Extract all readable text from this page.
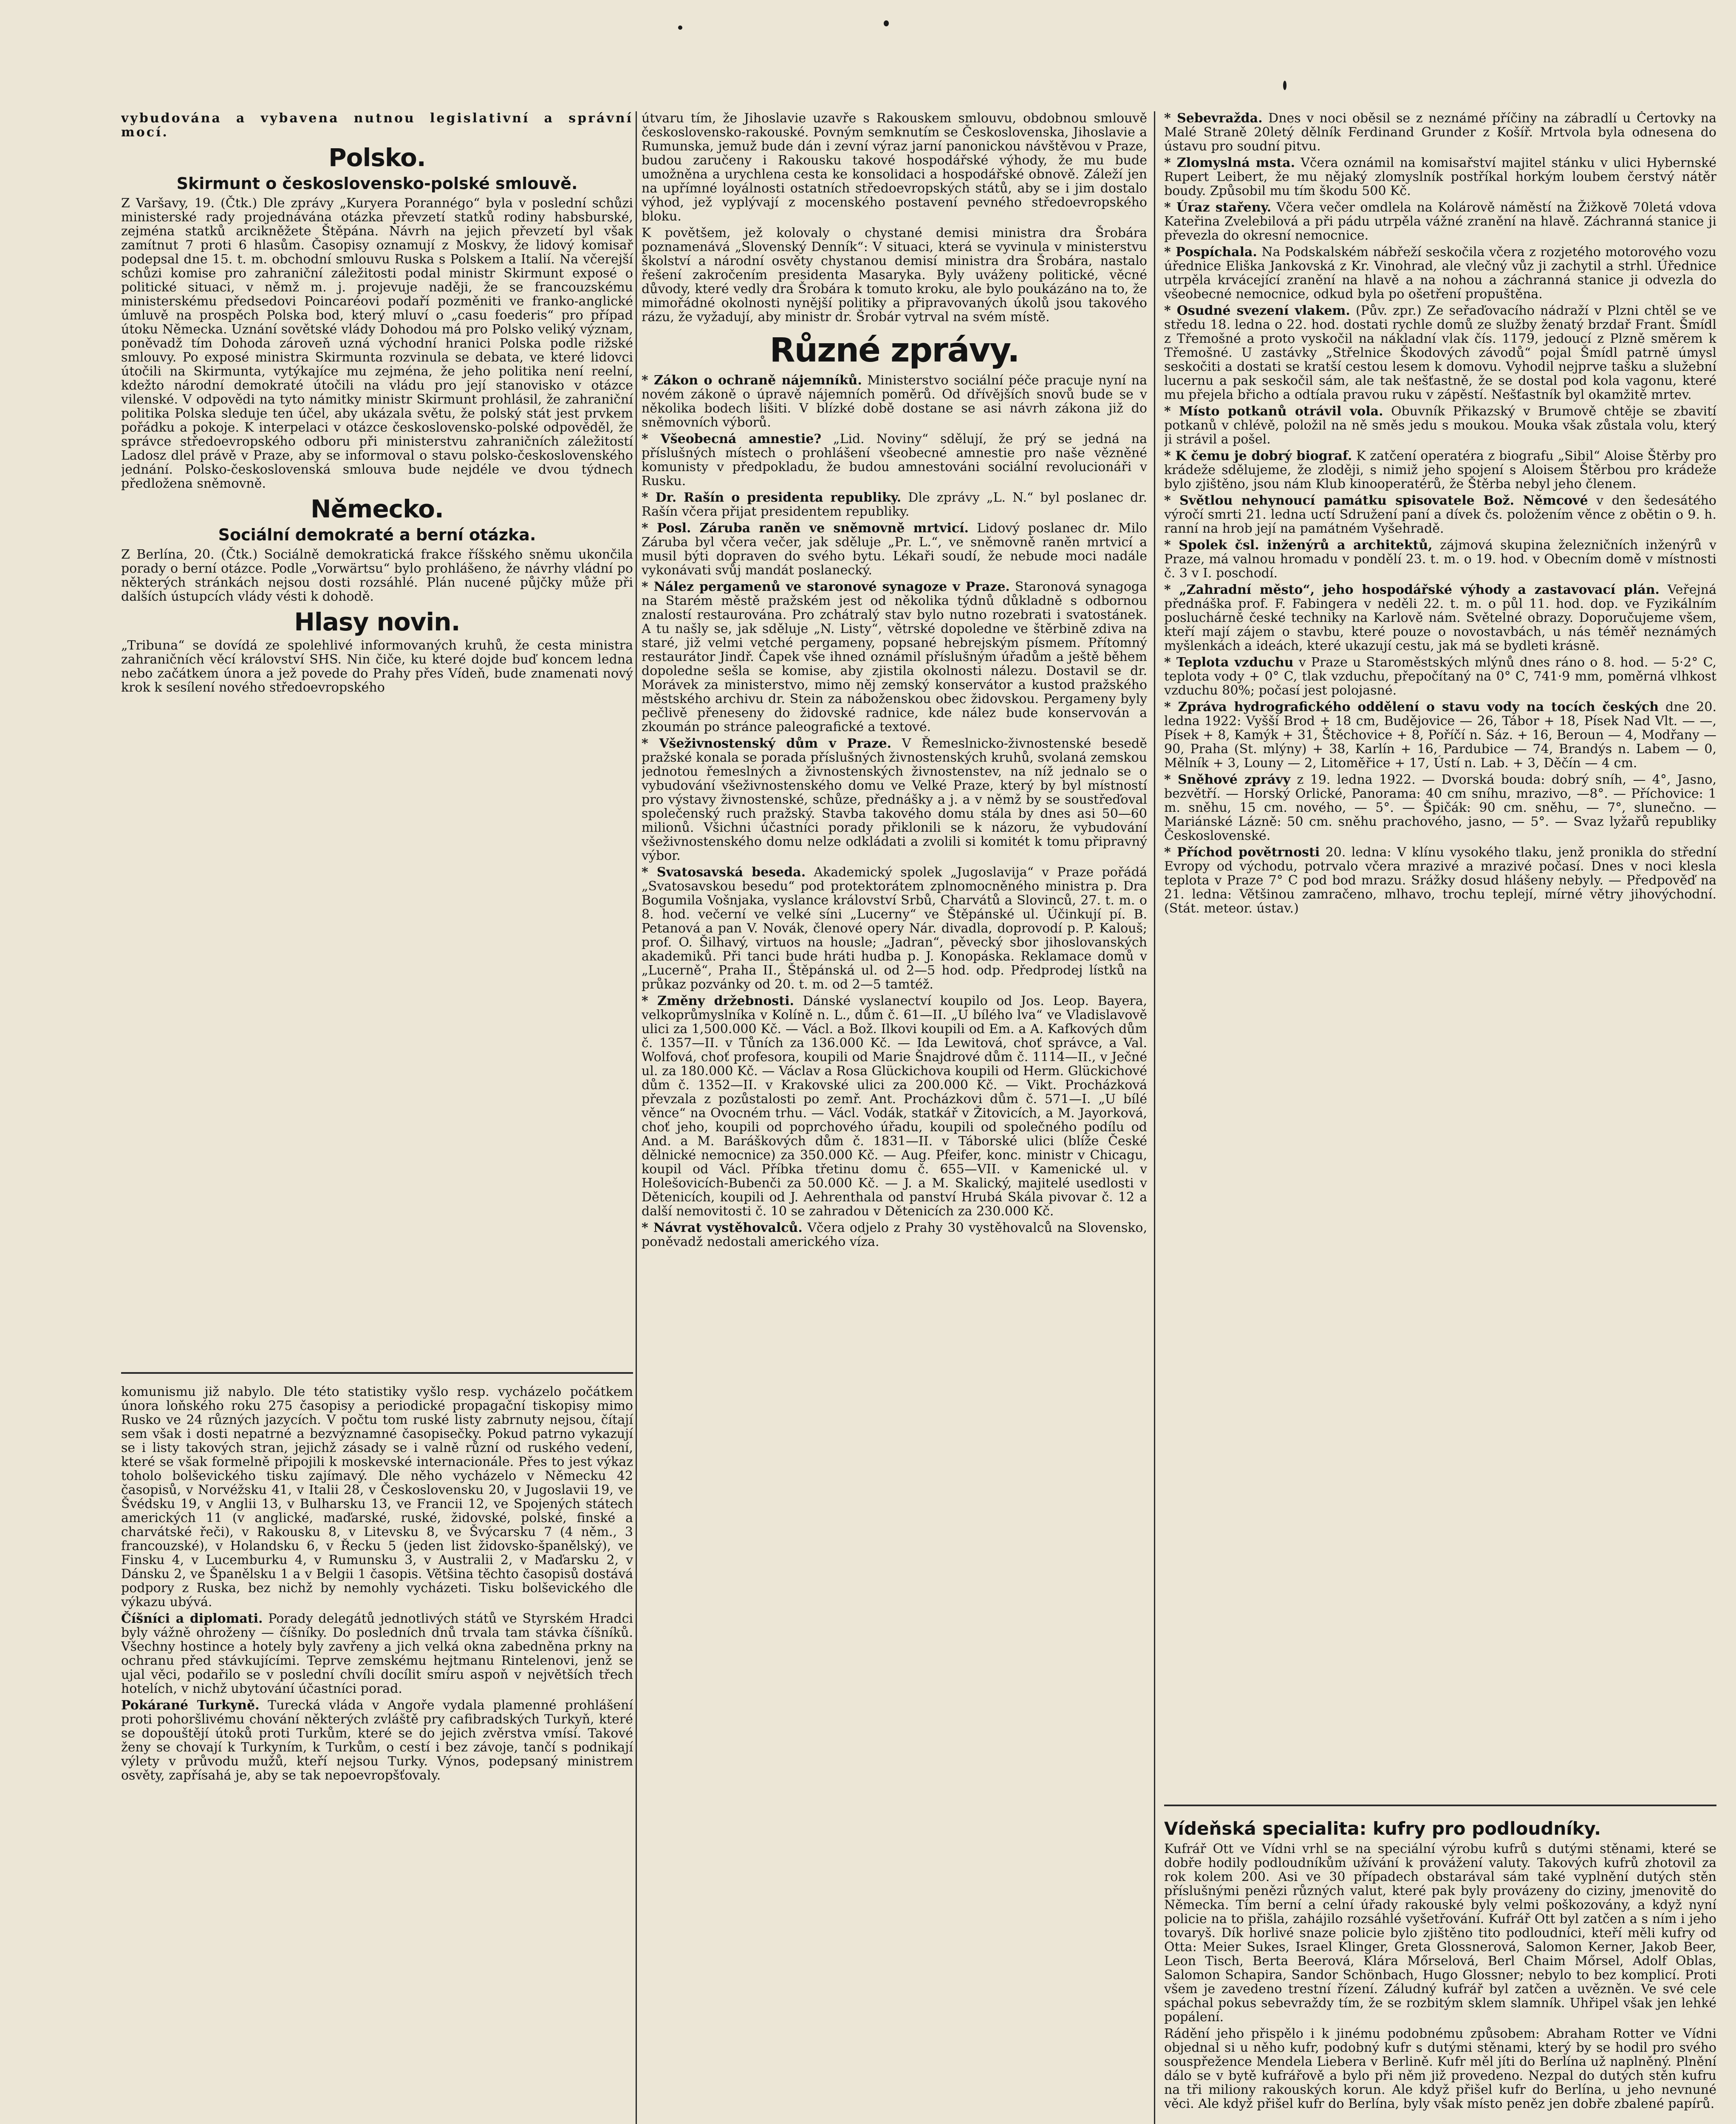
vybudována a vybavena nutnou legislativní a správní mocí.

Polsko.
Skirmunt o československo-polské smlouvě.

Z Varšavy, 19. (Čtk.) Dle zprávy „Kuryera Porannégo“ byla v poslední schůzi ministerské rady projednávána otázka převzetí statků rodiny habsburské, zejména statků arcikněžete Štěpána. Návrh na jejich převzetí byl však zamítnut 7 proti 6 hlasům. Časopisy oznamují z Moskvy, že lidový komisař podepsal dne 15. t. m. obchodní smlouvu Ruska s Polskem a Italií. Na včerejší schůzi komise pro zahraniční záležitosti podal ministr Skirmunt exposé o politické situaci, v němž m. j. projevuje naději, že se francouzskému ministerskému předsedovi Poincaréovi podaří pozměniti ve franko-anglické úmluvě na prospěch Polska bod, který mluví o „casu foederis“ pro případ útoku Německa. Uznání sovětské vlády Dohodou má pro Polsko veliký význam, poněvadž tím Dohoda zároveň uzná východní hranici Polska podle rižské smlouvy. Po exposé ministra Skirmunta rozvinula se debata, ve které lidovci útočili na Skirmunta, vytýkajíce mu zejména, že jeho politika není reelní, kdežto národní demokraté útočili na vládu pro její stanovisko v otázce vilenské. V odpovědi na tyto námitky ministr Skirmunt prohlásil, že zahraniční politika Polska sleduje ten účel, aby ukázala světu, že polský stát jest prvkem pořádku a pokoje. K interpelaci v otázce československo-polské odpověděl, že správce středoevropského odboru při ministerstvu zahraničních záležitostí Ladosz dlel právě v Praze, aby se informoval o stavu polsko-československého jednání. Polsko-československá smlouva bude nejdéle ve dvou týdnech předložena sněmovně.

Německo.
Sociální demokraté a berní otázka.

Z Berlína, 20. (Čtk.) Sociálně demokratická frakce říšského sněmu ukončila porady o berní otázce. Podle „Vorwärtsu“ bylo prohlášeno, že návrhy vládní po některých stránkách nejsou dosti rozsáhlé. Plán nucené půjčky může při dalších ústupcích vlády vésti k dohodě.

Hlasy novin.

„Tribuna“ se dovídá ze spolehlivé informovaných kruhů, že cesta ministra zahraničních věcí království SHS. Nin čiče, ku které dojde buď koncem ledna nebo začátkem února a jež povede do Prahy přes Vídeň, bude znamenati nový krok k sesílení nového středoevropského

komunismu již nabylo. Dle této statistiky vyšlo resp. vycházelo počátkem února loňského roku 275 časopisy a periodické propagační tiskopisy mimo Rusko ve 24 různých jazycích. V počtu tom ruské listy zabrnuty nejsou, čítají sem však i dosti nepatrné a bezvýznamné časopisečky. Pokud patrno vykazují se i listy takových stran, jejichž zásady se i valně různí od ruského vedení, které se však formelně připojili k moskevské internacionále. Přes to jest výkaz toholo bolševického tisku zajímavý. Dle něho vycházelo v Německu 42 časopisů, v Norvéžsku 41, v Italii 28, v Československu 20, v Jugoslavii 19, ve Švédsku 19, v Anglii 13, v Bulharsku 13, ve Francii 12, ve Spojených státech amerických 11 (v anglické, maďarské, ruské, židovské, polské, finské a charvátské řeči), v Rakousku 8, v Litevsku 8, ve Švýcarsku 7 (4 něm., 3 francouzské), v Holandsku 6, v Řecku 5 (jeden list židovsko-španělský), ve Finsku 4, v Lucemburku 4, v Rumunsku 3, v Australii 2, v Maďarsku 2, v Dánsku 2, ve Španělsku 1 a v Belgii 1 časopis. Většina těchto časopisů dostává podpory z Ruska, bez nichž by nemohly vycházeti. Tisku bolševického dle výkazu ubývá.

Číšníci a diplomati. Porady delegátů jednotlivých států ve Styrském Hradci byly vážně ohroženy — číšníky. Do posledních dnů trvala tam stávka číšníků. Všechny hostince a hotely byly zavřeny a jich velká okna zabedněna prkny na ochranu před stávkujícími. Teprve zemskému hejtmanu Rintelenovi, jenž se ujal věci, podařilo se v poslední chvíli docílit smíru aspoň v největších třech hotelích, v nichž ubytování účastníci porad.

Pokárané Turkyně. Turecká vláda v Angoře vydala plamenné prohlášení proti pohoršlivému chování některých zvláště pry cafibradských Turkyň, které se dopouštějí útoků proti Turkům, které se do jejich zvěrstva vmísí. Takové ženy se chovají k Turkyním, k Turkům, o cestí i bez závoje, tančí s podnikají výlety v průvodu mužů, kteří nejsou Turky. Výnos, podepsaný ministrem osvěty, zapřísahá je, aby se tak nepoevropšťovaly.

útvaru tím, že Jihoslavie uzavře s Rakouskem smlouvu, obdobnou smlouvě československo-rakouské. Povným semknutím se Československa, Jihoslavie a Rumunska, jemuž bude dán i zevní výraz jarní panonickou návštěvou v Praze, budou zaručeny i Rakousku takové hospodářské výhody, že mu bude umožněna a urychlena cesta ke konsolidaci a hospodářské obnově. Záleží jen na upřímné loyálnosti ostatních středoevropských států, aby se i jim dostalo výhod, jež vyplývají z mocenského postavení pevného středoevropského bloku.

K povětšem, jež kolovaly o chystané demisi ministra dra Šrobára poznamenává „Slovenský Denník“: V situaci, která se vyvinula v ministerstvu školství a národní osvěty chystanou demisí ministra dra Šrobára, nastalo řešení zakročením presidenta Masaryka. Byly uváženy politické, věcné důvody, které vedly dra Šrobára k tomuto kroku, ale bylo poukázáno na to, že mimořádné okolnosti nynější politiky a připravovaných úkolů jsou takového rázu, že vyžadují, aby ministr dr. Šrobár vytrval na svém místě.

Různé zprávy.

* Zákon o ochraně nájemníků. Ministerstvo sociální péče pracuje nyní na novém zákoně o úpravě nájemních poměrů. Od dřívějších snovů bude se v několika bodech lišiti. V blízké době dostane se asi návrh zákona již do sněmovních výborů.

* Všeobecná amnestie? „Lid. Noviny“ sdělují, že prý se jedná na příslušných místech o prohlášení všeobecné amnestie pro naše vězněné komunisty v předpokladu, že budou amnestováni sociální revolucionáři v Rusku.

* Dr. Rašín o presidenta republiky. Dle zprávy „L. N.“ byl poslanec dr. Rašín včera přijat presidentem republiky.

* Posl. Záruba raněn ve sněmovně mrtvicí. Lidový poslanec dr. Milo Záruba byl včera večer, jak sděluje „Pr. L.“, ve sněmovně raněn mrtvicí a musil býti dopraven do svého bytu. Lékaři soudí, že nebude moci nadále vykonávati svůj mandát poslanecký.

* Nález pergamenů ve staronové synagoze v Praze. Staronová synagoga na Starém městě pražském jest od několika týdnů důkladně s odbornou znalostí restaurována. Pro zchátralý stav bylo nutno rozebrati i svatostánek. A tu našly se, jak sděluje „N. Listy“, větrské dopoledne ve štěrbině zdiva na staré, již velmi vetché pergameny, popsané hebrejským písmem. Přítomný restaurátor Jindř. Čapek vše ihned oznámil příslušným úřadům a ještě během dopoledne sešla se komise, aby zjistila okolnosti nálezu. Dostavil se dr. Morávek za ministerstvo, mimo něj zemský konservátor a kustod pražského městského archivu dr. Stein za náboženskou obec židovskou. Pergameny byly pečlivě přeneseny do židovské radnice, kde nález bude konservován a zkoumán po stránce paleografické a textové.

* Všeživnostenský dům v Praze. V Řemeslnicko-živnostenské besedě pražské konala se porada příslušných živnostenských kruhů, svolaná zemskou jednotou řemeslných a živnostenských živnostenstev, na níž jednalo se o vybudování všeživnostenského domu ve Velké Praze, který by byl místností pro výstavy živnostenské, schůze, přednášky a j. a v němž by se soustřeďoval společenský ruch pražský. Stavba takového domu stála by dnes asi 50—60 milionů. Všichni účastníci porady přiklonili se k názoru, že vybudování všeživnostenského domu nelze odkládati a zvolili si komitét k tomu připravný výbor.

* Svatosavská beseda. Akademický spolek „Jugoslavija“ v Praze pořádá „Svatosavskou besedu“ pod protektorátem zplnomocněného ministra p. Dra Bogumila Vošnjaka, vyslance království Srbů, Charvátů a Slovinců, 27. t. m. o 8. hod. večerní ve velké síni „Lucerny“ ve Štěpánské ul. Účinkují pí. B. Petanová a pan V. Novák, členové opery Nár. divadla, doprovodí p. P. Kalouš; prof. O. Šilhavý, virtuos na housle; „Jadran“, pěvecký sbor jihoslovanských akademiků. Při tanci bude hráti hudba p. J. Konopáska. Reklamace domů v „Lucerně“, Praha II., Štěpánská ul. od 2—5 hod. odp. Předprodej lístků na průkaz pozvánky od 20. t. m. od 2—5 tamtéž.

* Změny držebnosti. Dánské vyslanectví koupilo od Jos. Leop. Bayera, velkoprůmyslníka v Kolíně n. L., dům č. 61—II. „U bílého lva“ ve Vladislavově ulici za 1,500.000 Kč. — Václ. a Bož. Ilkovi koupili od Em. a A. Kafkových dům č. 1357—II. v Tůních za 136.000 Kč. — Ida Lewitová, choť správce, a Val. Wolfová, choť profesora, koupili od Marie Šnajdrové dům č. 1114—II., v Ječné ul. za 180.000 Kč. — Václav a Rosa Glückichova koupili od Herm. Glückichové dům č. 1352—II. v Krakovské ulici za 200.000 Kč. — Vikt. Procházková převzala z pozůstalosti po zemř. Ant. Procházkovi dům č. 571—I. „U bílé věnce“ na Ovocném trhu. — Václ. Vodák, statkář v Žitovicích, a M. Jayorková, choť jeho, koupili od poprchového úřadu, koupili od společného podílu od And. a M. Baráškových dům č. 1831—II. v Táborské ulici (blíže České dělnické nemocnice) za 350.000 Kč. — Aug. Pfeifer, konc. ministr v Chicagu, koupil od Václ. Příbka třetinu domu č. 655—VII. v Kamenické ul. v Holešovicích-Bubenči za 50.000 Kč. — J. a M. Skalický, majitelé usedlosti v Dětenicích, koupili od J. Aehrenthala od panství Hrubá Skála pivovar č. 12 a další nemovitosti č. 10 se zahradou v Dětenicích za 230.000 Kč.

* Návrat vystěhovalců. Včera odjelo z Prahy 30 vystěhovalců na Slovensko, poněvadž nedostali amerického víza.

* Sebevražda. Dnes v noci oběsil se z neznámé příčiny na zábradlí u Čertovky na Malé Straně 20letý dělník Ferdinand Grunder z Košíř. Mrtvola byla odnesena do ústavu pro soudní pitvu.

* Zlomyslná msta. Včera oznámil na komisařství majitel stánku v ulici Hybernské Rupert Leibert, že mu nějaký zlomyslník postříkal horkým loubem čerstvý nátěr boudy. Způsobil mu tím škodu 500 Kč.

* Úraz stařeny. Včera večer omdlela na Kolárově náměstí na Žižkově 70letá vdova Kateřina Zvelebilová a při pádu utrpěla vážné zranění na hlavě. Záchranná stanice ji převezla do okresní nemocnice.

* Pospíchala. Na Podskalském nábřeží seskočila včera z rozjetého motorového vozu úřednice Eliška Jankovská z Kr. Vinohrad, ale vlečný vůz ji zachytil a strhl. Úřednice utrpěla krvácející zranění na hlavě a na nohou a záchranná stanice ji odvezla do všeobecné nemocnice, odkud byla po ošetření propuštěna.

* Osudné svezení vlakem. (Pův. zpr.) Ze seřaďovacího nádraží v Plzni chtěl se ve středu 18. ledna o 22. hod. dostati rychle domů ze služby ženatý brzdař Frant. Šmídl z Třemošné a proto vyskočil na nákladní vlak čís. 1179, jedoucí z Plzně směrem k Třemošné. U zastávky „Střelnice Škodových závodů“ pojal Šmídl patrně úmysl seskočiti a dostati se kratší cestou lesem k domovu. Vyhodil nejprve tašku a služební lucernu a pak seskočil sám, ale tak nešťastně, že se dostal pod kola vagonu, které mu přejela břicho a odtíala pravou ruku v zápěstí. Nešťastník byl okamžitě mrtev.

* Místo potkanů otrávil vola. Obuvník Přikazský v Brumově chtěje se zbavití potkanů v chlévě, položil na ně směs jedu s moukou. Mouka však zůstala volu, který ji strávil a pošel.

* K čemu je dobrý biograf. K zatčení operatéra z biografu „Sibil“ Aloise Štěrby pro krádeže sdělujeme, že zloději, s nimiž jeho spojení s Aloisem Štěrbou pro krádeže bylo zjištěno, jsou nám Klub kinooperatérů, že Štěrba nebyl jeho členem.

* Světlou nehynoucí památku spisovatele Bož. Němcové v den šedesátého výročí smrti 21. ledna uctí Sdružení paní a dívek čs. položením věnce z obětin o 9. h. ranní na hrob její na památném Vyšehradě.

* Spolek čsl. inženýrů a architektů, zájmová skupina železničních inženýrů v Praze, má valnou hromadu v pondělí 23. t. m. o 19. hod. v Obecním domě v místnosti č. 3 v I. poschodí.

* „Zahradní město“, jeho hospodářské výhody a zastavovací plán. Veřejná přednáška prof. F. Fabingera v neděli 22. t. m. o půl 11. hod. dop. ve Fyzikálním posluchárně české techniky na Karlově nám. Světelné obrazy. Doporučujeme všem, kteří mají zájem o stavbu, které pouze o novostavbách, u nás téměř neznámých myšlenkách a ideách, které ukazují cestu, jak má se bydleti krásně.

* Teplota vzduchu v Praze u Staroměstských mlýnů dnes ráno o 8. hod. — 5·2° C, teplota vody + 0° C, tlak vzduchu, přepočítaný na 0° C, 741·9 mm, poměrná vlhkost vzduchu 80%; počasí jest polojasné.

* Zpráva hydrografického oddělení o stavu vody na tocích českých dne 20. ledna 1922: Vyšší Brod + 18 cm, Budějovice — 26, Tábor + 18, Písek Nad Vlt. — —, Písek + 8, Kamýk + 31, Štěchovice + 8, Poříčí n. Sáz. + 16, Beroun — 4, Modřany — 90, Praha (St. mlýny) + 38, Karlín + 16, Pardubice — 74, Brandýs n. Labem — 0, Mělník + 3, Louny — 2, Litoměřice + 17, Ústí n. Lab. + 3, Děčín — 4 cm.

* Sněhové zprávy z 19. ledna 1922. — Dvorská bouda: dobrý sníh, — 4°, Jasno, bezvětří. — Horský Orlické, Panorama: 40 cm sníhu, mrazivo, —8°. — Příchovice: 1 m. sněhu, 15 cm. nového, — 5°. — Špičák: 90 cm. sněhu, — 7°, slunečno. — Mariánské Lázně: 50 cm. sněhu prachového, jasno, — 5°. — Svaz lyžařů republiky Československé.

* Příchod povětrnosti 20. ledna: V klínu vysokého tlaku, jenž pronikla do střední Evropy od východu, potrvalo včera mrazivé a mrazivé počasí. Dnes v noci klesla teplota v Praze 7° C pod bod mrazu. Srážky dosud hlášeny nebyly. — Předpověď na 21. ledna: Většinou zamračeno, mlhavo, trochu teplejí, mírné větry jihovýchodní. (Stát. meteor. ústav.)

Vídeňská specialita: kufry pro podloudníky.

Kufrář Ott ve Vídni vrhl se na speciální výrobu kufrů s dutými stěnami, které se dobře hodily podloudníkům užívání k provážení valuty. Takových kufrů zhotovil za rok kolem 200. Asi ve 30 případech obstarával sám také vyplnění dutých stěn příslušnými penězi různých valut, které pak byly provázeny do ciziny, jmenovitě do Německa. Tím berní a celní úřady rakouské byly velmi poškozovány, a když nyní policie na to přišla, zahájilo rozsáhlé vyšetřování. Kufrář Ott byl zatčen a s ním i jeho tovaryš. Dík horlivé snaze policie bylo zjištěno tito podloudníci, kteří měli kufry od Otta: Meier Sukes, Israel Klinger, Greta Glossnerová, Salomon Kerner, Jakob Beer, Leon Tisch, Berta Beerová, Klára Mőrselová, Berl Chaim Mőrsel, Adolf Oblas, Salomon Schapira, Sandor Schönbach, Hugo Glossner; nebylo to bez komplicí. Proti všem je zavedeno trestní řízení. Záludný kufrář byl zatčen a uvězněn. Ve své cele spáchal pokus sebevraždy tím, že se rozbitým sklem slamník. Uhřipel však jen lehké popálení.

Rádění jeho přispělo i k jinému podobnému způsobem: Abraham Rotter ve Vídni objednal si u něho kufr, podobný kufr s dutými stěnami, který by se hodil pro svého souspřežence Mendela Liebera v Berlině. Kufr měl jíti do Berlína už naplněný. Plnění dálo se v bytě kufrářově a bylo při něm již provedeno. Nezpal do dutých stěn kufru na tři miliony rakouských korun. Ale když přišel kufr do Berlína, u jeho nevnuné věci. Ale když přišel kufr do Berlína, byly však místo peněz jen dobře zbalené papírů.
